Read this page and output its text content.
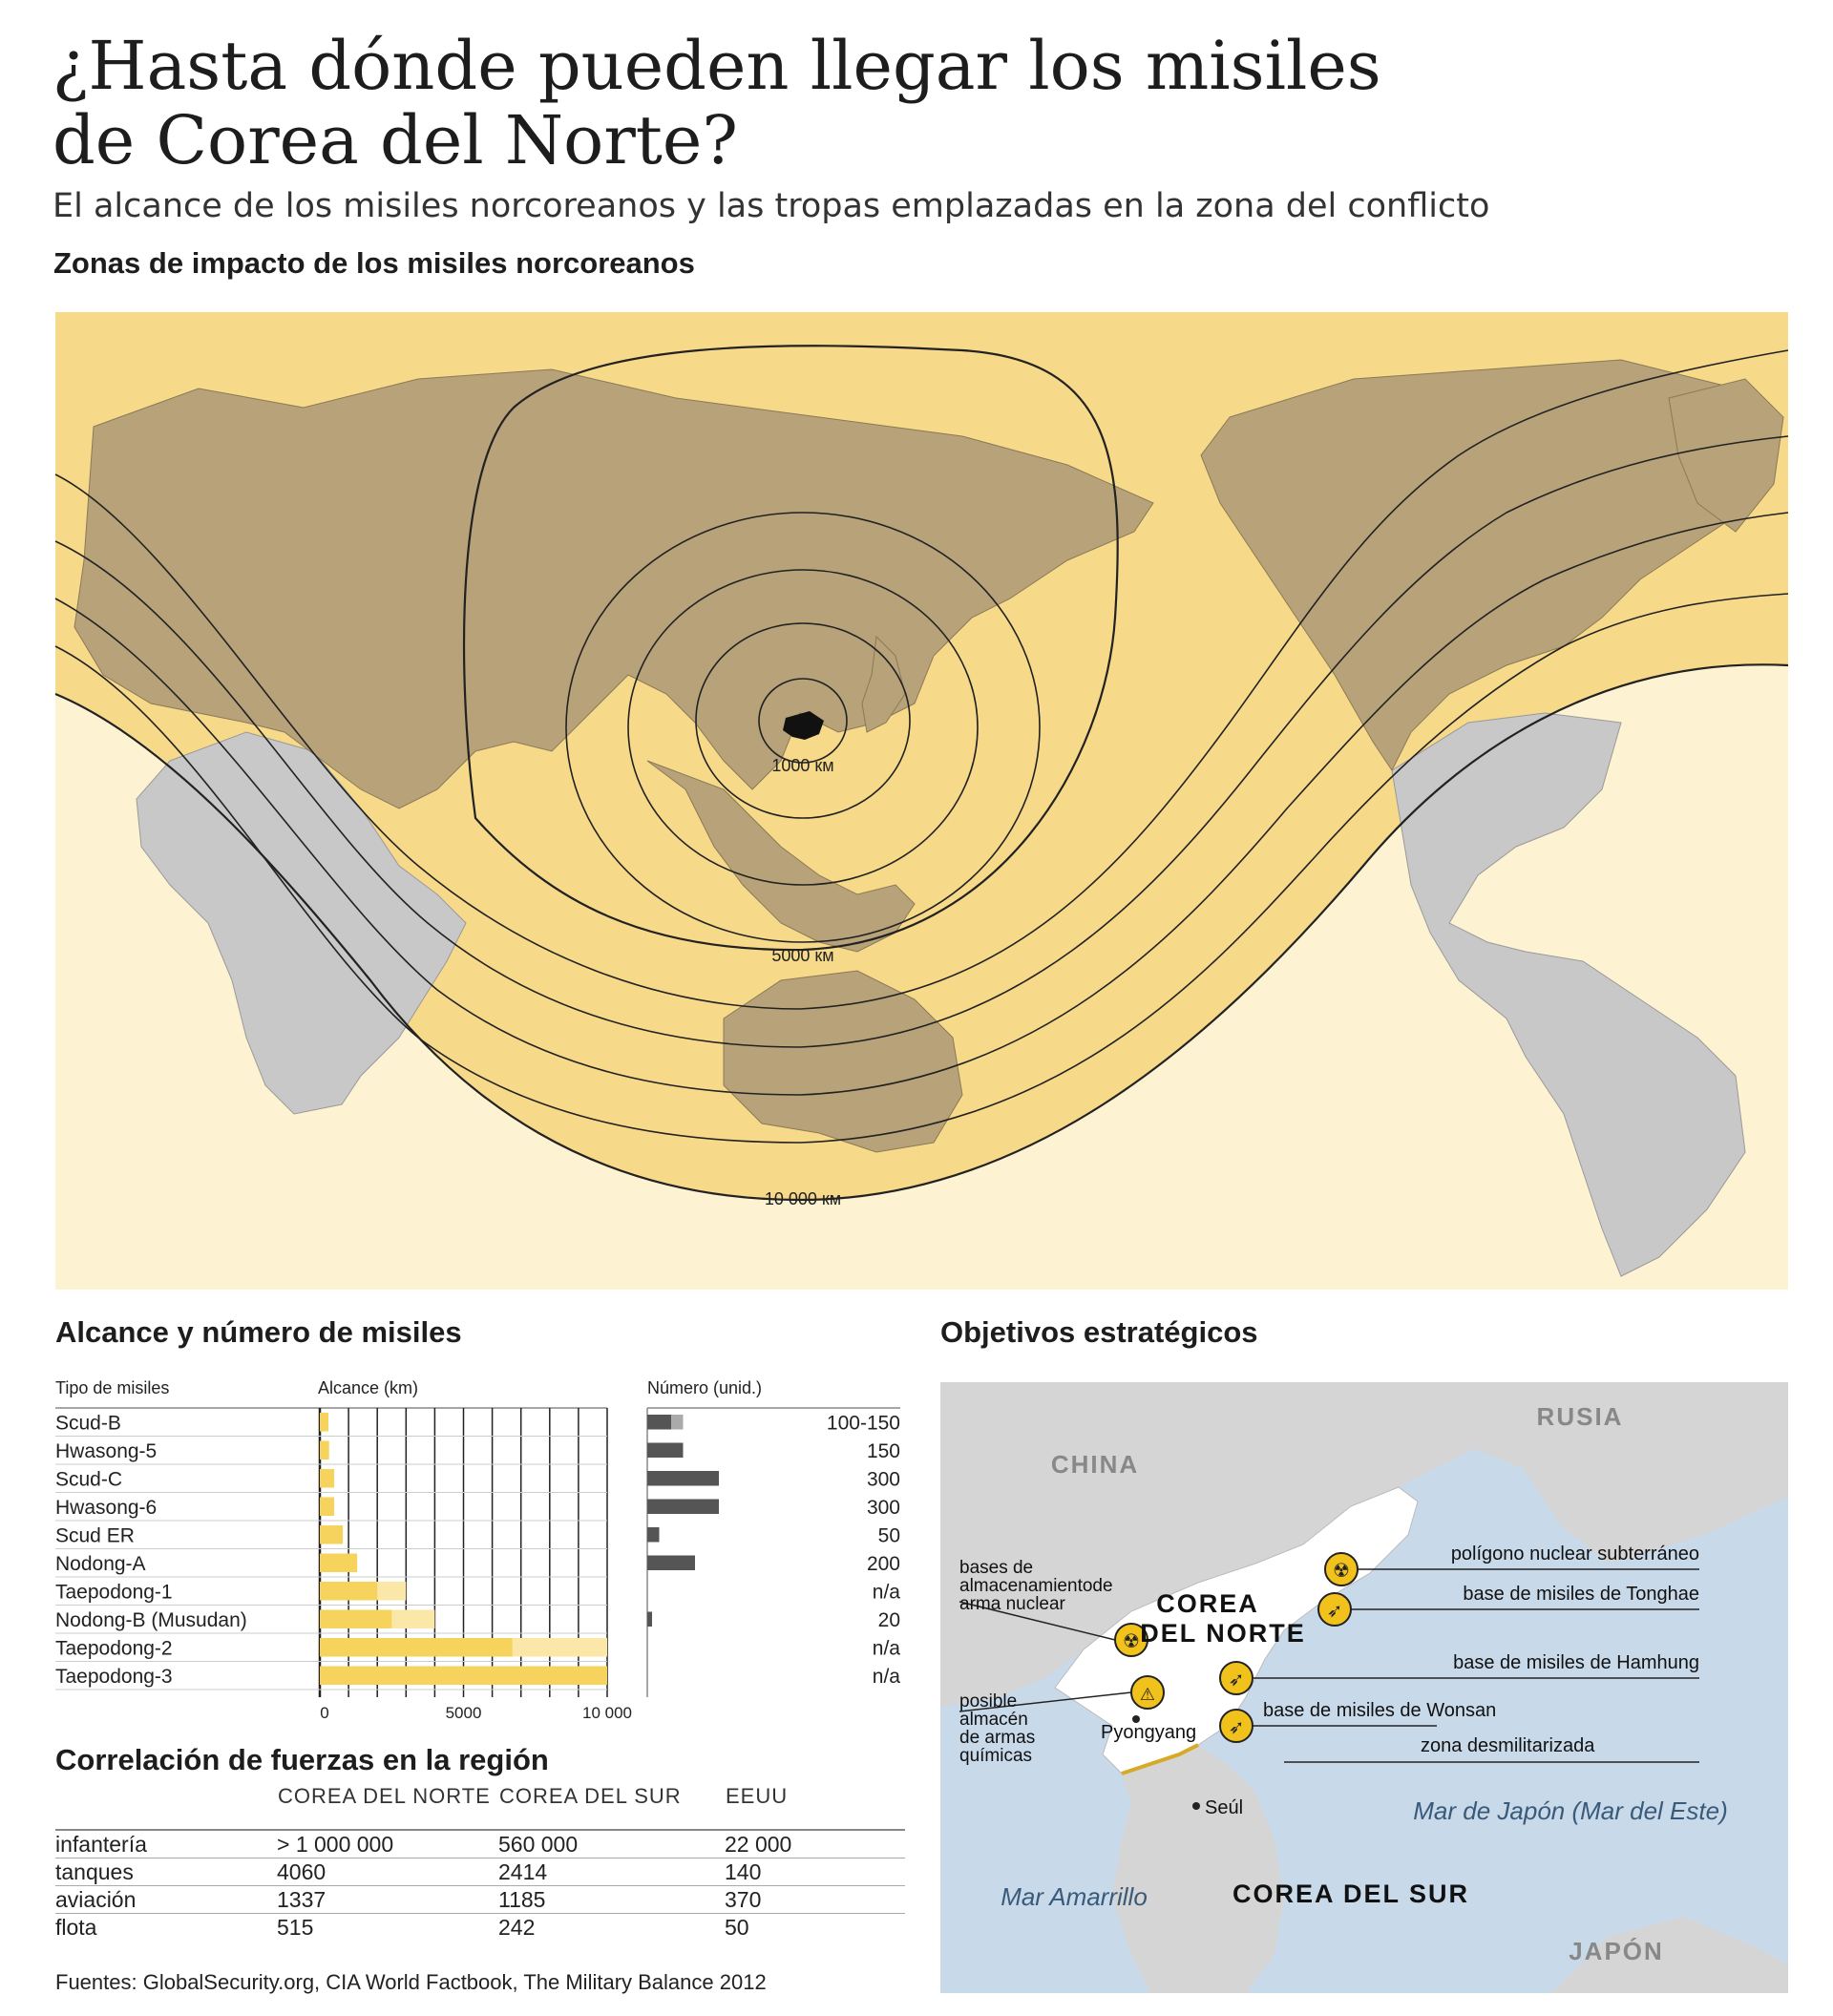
¿Hasta dónde pueden llegar los misiles de Corea del Norte?
El alcance de los misiles norcoreanos y las tropas emplazadas en la zona del conflicto
Zonas de impacto de los misiles norcoreanos
1000 км
5000 км
10 000 км
Alcance y número de misiles	Objetivos estratégicos
Tipo de misiles	Alcance (km)	Número (unid.)
Scud-B	100-150
Hwasong-5	150
Scud-C	300
Hwasong-6	300
Scud ER	50
Nodong-A	200
Taepodong-1	n/a
Nodong-B (Musudan)	20
Taepodong-2	n/a
Taepodong-3	n/a
0	5000	10 000
☢
➶
➶
➶
☢
⚠
CHINA
RUSIA
COREA
DEL NORTE
COREA DEL SUR
JAPÓN
Mar de Japón (Mar del Este)
Mar Amarrillo
Pyongyang
Seúl
polígono nuclear subterráneo
base de misiles de Tonghae
base de misiles de Hamhung
base de misiles de Wonsan
zona desmilitarizada
bases de
almacenamientode
arma nuclear
posible
almacén
de armas
químicas
Correlación de fuerzas en la región
	COREA DEL NORTE	COREA DEL SUR	EEUU
infantería	> 1 000 000	560 000	22 000
tanques	4060	2414	140
aviación	1337	1185	370
flota	515	242	50
Fuentes: GlobalSecurity.org, CIA World Factbook, The Military Balance 2012
